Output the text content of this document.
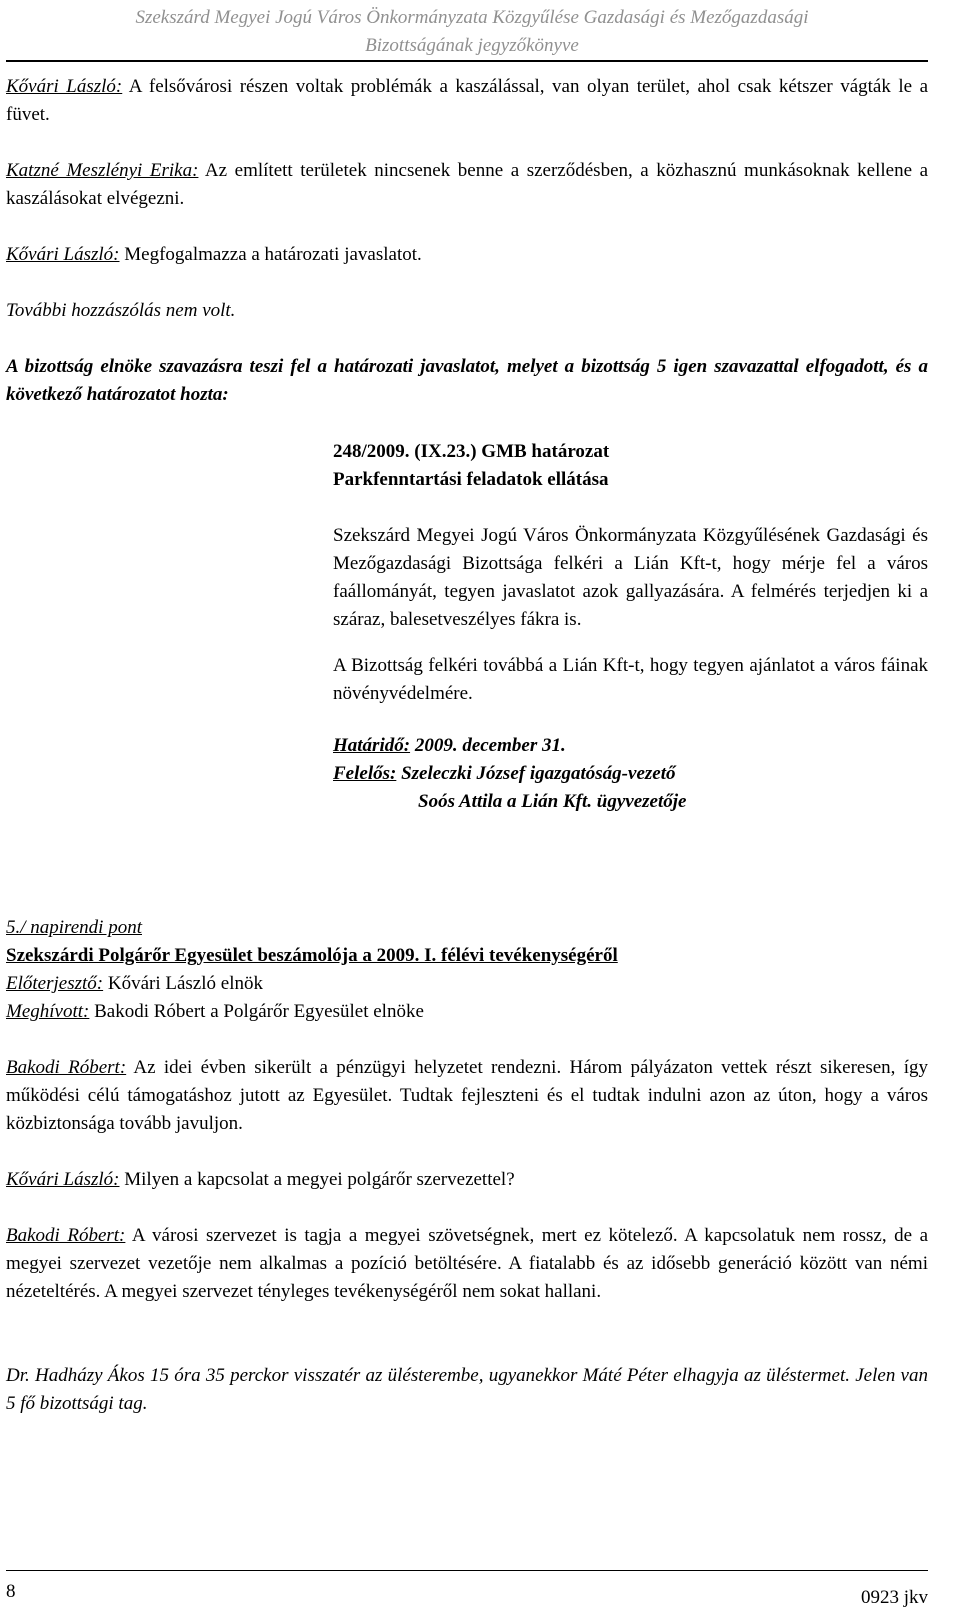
Szekszárd Megyei Jogú Város Önkormányzata Közgyűlése Gazdasági és Mezőgazdasági
Bizottságának jegyzőkönyve
Kővári László: A felsővárosi részen voltak problémák a kaszálással, van olyan terület, ahol csak kétszer vágták le a füvet.
Katzné Meszlényi Erika: Az említett területek nincsenek benne a szerződésben, a közhasznú munkásoknak kellene a kaszálásokat elvégezni.
Kővári László: Megfogalmazza a határozati javaslatot.
További hozzászólás nem volt.
A bizottság elnöke szavazásra teszi fel a határozati javaslatot, melyet a bizottság 5 igen szavazattal elfogadott, és a következő határozatot hozta:
248/2009. (IX.23.) GMB határozat
Parkfenntartási feladatok ellátása
Szekszárd Megyei Jogú Város Önkormányzata Közgyűlésének Gazdasági és Mezőgazdasági Bizottsága felkéri a Lián Kft-t, hogy mérje fel a város faállományát, tegyen javaslatot azok gallyazására. A felmérés terjedjen ki a száraz, balesetveszélyes fákra is.
A Bizottság felkéri továbbá a Lián Kft-t, hogy tegyen ajánlatot a város fáinak növényvédelmére.
Határidő: 2009. december 31.
Felelős: Szeleczki József igazgatóság-vezető
Soós Attila a Lián Kft. ügyvezetője
5./ napirendi pont
Szekszárdi Polgárőr Egyesület beszámolója a 2009. I. félévi tevékenységéről
Előterjesztő: Kővári László elnök
Meghívott: Bakodi Róbert a Polgárőr Egyesület elnöke
Bakodi Róbert: Az idei évben sikerült a pénzügyi helyzetet rendezni. Három pályázaton vettek részt sikeresen, így működési célú támogatáshoz jutott az Egyesület. Tudtak fejleszteni és el tudtak indulni azon az úton, hogy a város közbiztonsága tovább javuljon.
Kővári László: Milyen a kapcsolat a megyei polgárőr szervezettel?
Bakodi Róbert: A városi szervezet is tagja a megyei szövetségnek, mert ez kötelező. A kapcsolatuk nem rossz, de a megyei szervezet vezetője nem alkalmas a pozíció betöltésére. A fiatalabb és az idősebb generáció között van némi nézeteltérés. A megyei szervezet tényleges tevékenységéről nem sokat hallani.
Dr. Hadházy Ákos 15 óra 35 perckor visszatér az ülésterembe, ugyanekkor Máté Péter elhagyja az üléstermet. Jelen van 5 fő bizottsági tag.
8	0923 jkv
